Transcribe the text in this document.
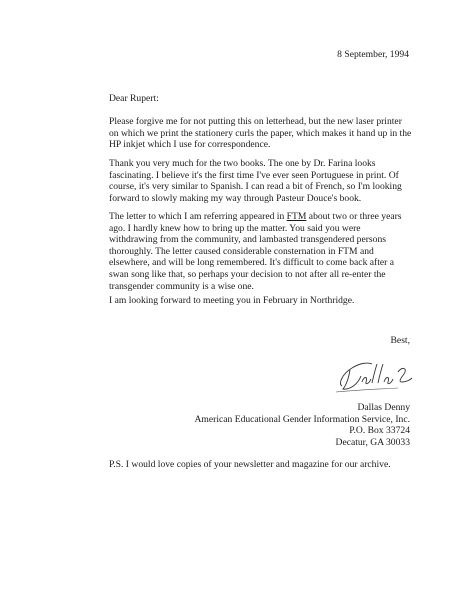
8 September, 1994
Dear Rupert:
Please forgive me for not putting this on letterhead, but the new laser printer
on which we print the stationery curls the paper, which makes it hand up in the
HP inkjet which I use for correspondence.
Thank you very much for the two books. The one by Dr. Farina looks
fascinating. I believe it's the first time I've ever seen Portuguese in print. Of
course, it's very similar to Spanish. I can read a bit of French, so I'm looking
forward to slowly making my way through Pasteur Douce's book.
The letter to which I am referring appeared in FTM about two or three years
ago. I hardly knew how to bring up the matter. You said you were
withdrawing from the community, and lambasted transgendered persons
thoroughly. The letter caused considerable consternation in FTM and
elsewhere, and will be long remembered. It's difficult to come back after a
swan song like that, so perhaps your decision to not after all re-enter the
transgender community is a wise one.
I am looking forward to meeting you in February in Northridge.
Best,
Dallas Denny
American Educational Gender Information Service, Inc.
P.O. Box 33724
Decatur, GA 30033
P.S. I would love copies of your newsletter and magazine for our archive.
